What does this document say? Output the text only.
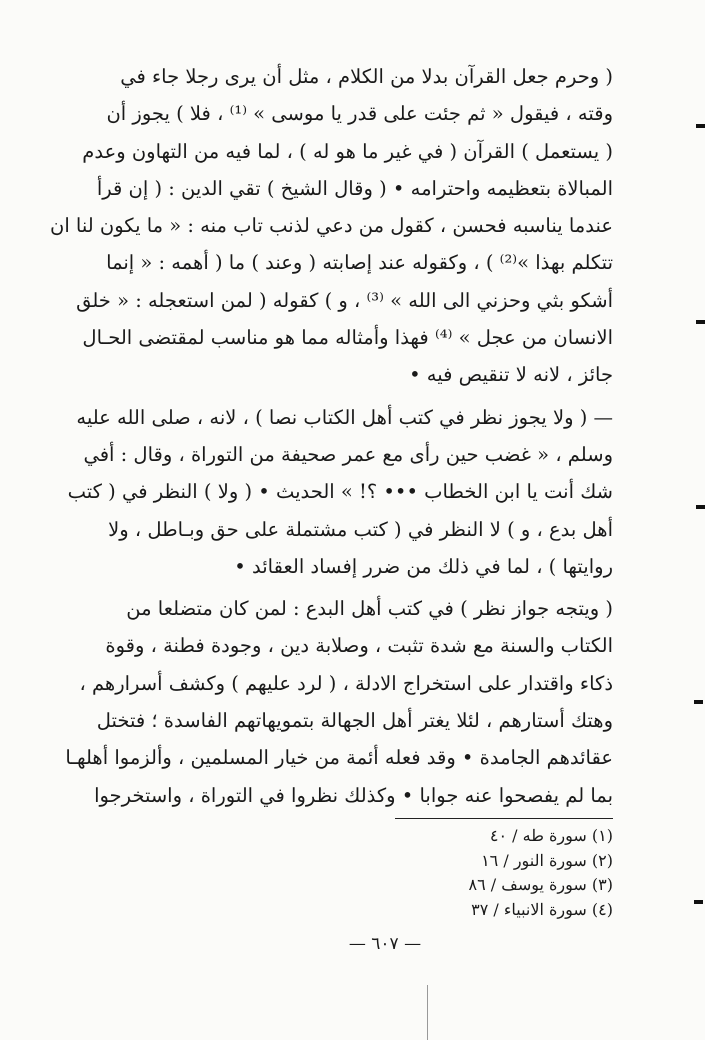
( وحرم جعل القرآن بدلا من الكلام ، مثل أن يرى رجلا جاء في
وقته ، فيقول « ثم جئت على قدر يا موسى » ⁽¹⁾ ، فلا ) يجوز أن
( يستعمل ) القرآن ( في غير ما هو له ) ، لما فيه من التهاون وعدم
المبالاة بتعظيمه واحترامه • ( وقال الشيخ ) تقي الدين : ( إن قرأ
عندما يناسبه فحسن ، كقول من دعي لذنب تاب منه : « ما يكون لنا ان
تتكلم بهذا »⁽²⁾ ) ، وكقوله عند إصابته ( وعند ) ما ( أهمه : « إنما
أشكو بثي وحزني الى الله » ⁽³⁾ ، و ) كقوله ( لمن استعجله : « خلق
الانسان من عجل » ⁽⁴⁾ فهذا وأمثاله مما هو مناسب لمقتضى الحـال
جائز ، لانه لا تنقيص فيه •

— ( ولا يجوز نظر في كتب أهل الكتاب نصا ) ، لانه ، صلى الله عليه
وسلم ، « غضب حين رأى مع عمر صحيفة من التوراة ، وقال : أفي
شك أنت يا ابن الخطاب ••• ؟! » الحديث • ( ولا ) النظر في ( كتب
أهل بدع ، و ) لا النظر في ( كتب مشتملة على حق وبـاطل ، ولا
روايتها ) ، لما في ذلك من ضرر إفساد العقائد •

( ويتجه جواز نظر ) في كتب أهل البدع : لمن كان متضلعا من
الكتاب والسنة مع شدة تثبت ، وصلابة دين ، وجودة فطنة ، وقوة
ذكاء واقتدار على استخراج الادلة ، ( لرد عليهم ) وكشف أسرارهم ،
وهتك أستارهم ، لئلا يغتر أهل الجهالة بتمويهاتهم الفاسدة ؛ فتختل
عقائدهم الجامدة • وقد فعله أئمة من خيار المسلمين ، وألزموا أهلهـا
بما لم يفصحوا عنه جوابا • وكذلك نظروا في التوراة ، واستخرجوا

(١) سورة طه / ٤٠
(٢) سورة النور / ١٦
(٣) سورة يوسف / ٨٦
(٤) سورة الانبياء / ٣٧
— ٦٠٧ —
